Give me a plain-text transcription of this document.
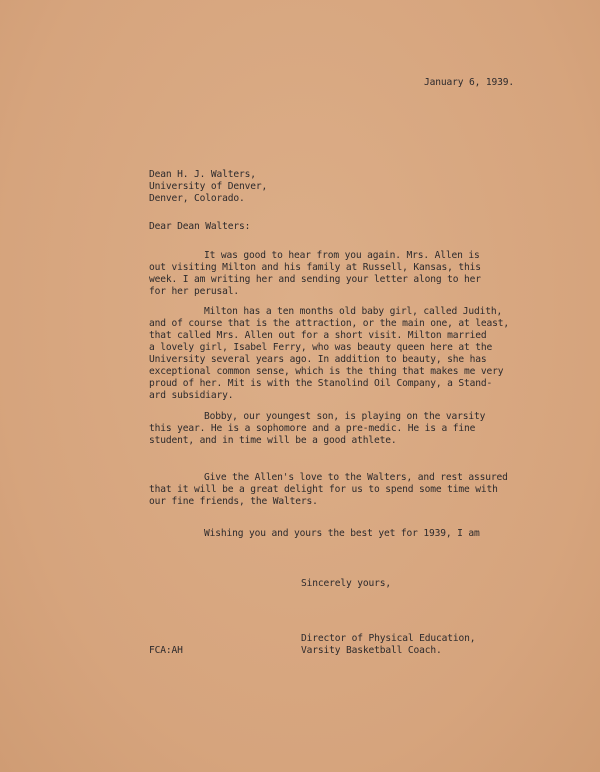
January 6, 1939.
Dean H. J. Walters,
University of Denver,
Denver, Colorado.
Dear Dean Walters:
It was good to hear from you again. Mrs. Allen is
out visiting Milton and his family at Russell, Kansas, this
week. I am writing her and sending your letter along to her
for her perusal.
Milton has a ten months old baby girl, called Judith,
and of course that is the attraction, or the main one, at least,
that called Mrs. Allen out for a short visit. Milton married
a lovely girl, Isabel Ferry, who was beauty queen here at the
University several years ago. In addition to beauty, she has
exceptional common sense, which is the thing that makes me very
proud of her. Mit is with the Stanolind Oil Company, a Stand-
ard subsidiary.
Bobby, our youngest son, is playing on the varsity
this year. He is a sophomore and a pre-medic. He is a fine
student, and in time will be a good athlete.
Give the Allen's love to the Walters, and rest assured
that it will be a great delight for us to spend some time with
our fine friends, the Walters.
Wishing you and yours the best yet for 1939, I am
Sincerely yours,
Director of Physical Education,
Varsity Basketball Coach.
FCA:AH
